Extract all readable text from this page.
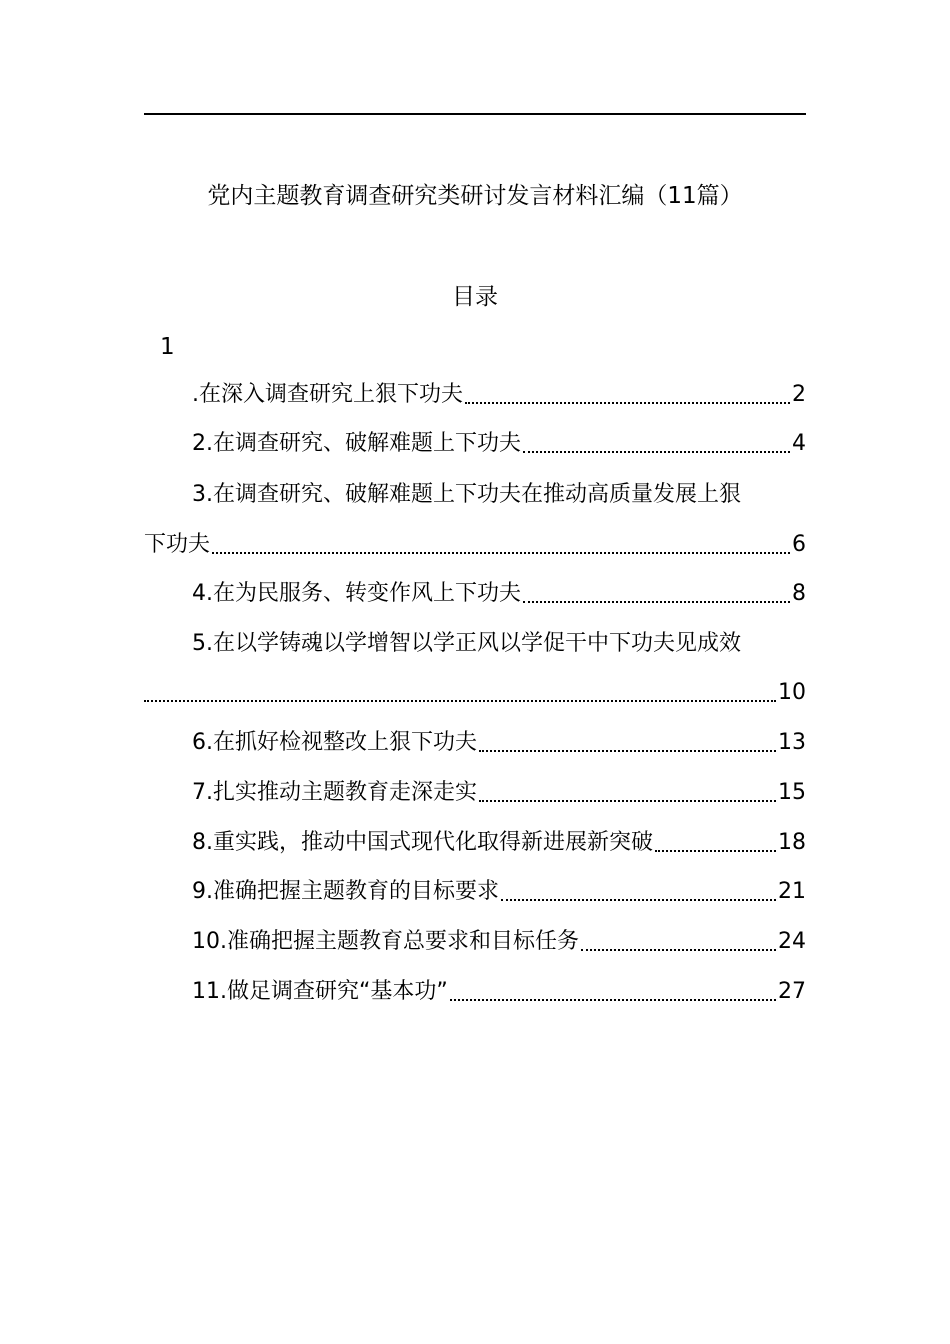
党内主题教育调查研究类研讨发言材料汇编（11篇）
目录
1
.在深入调查研究上狠下功夫	2
2.在调查研究、破解难题上下功夫	4
3.在调查研究、破解难题上下功夫在推动高质量发展上狠
下功夫	6
4.在为民服务、转变作风上下功夫	8
5.在以学铸魂以学增智以学正风以学促干中下功夫见成效
10
6.在抓好检视整改上狠下功夫	13
7.扎实推动主题教育走深走实	15
8.重实践，推动中国式现代化取得新进展新突破	18
9.准确把握主题教育的目标要求	21
10.准确把握主题教育总要求和目标任务	24
11.做足调查研究“基本功”	27
